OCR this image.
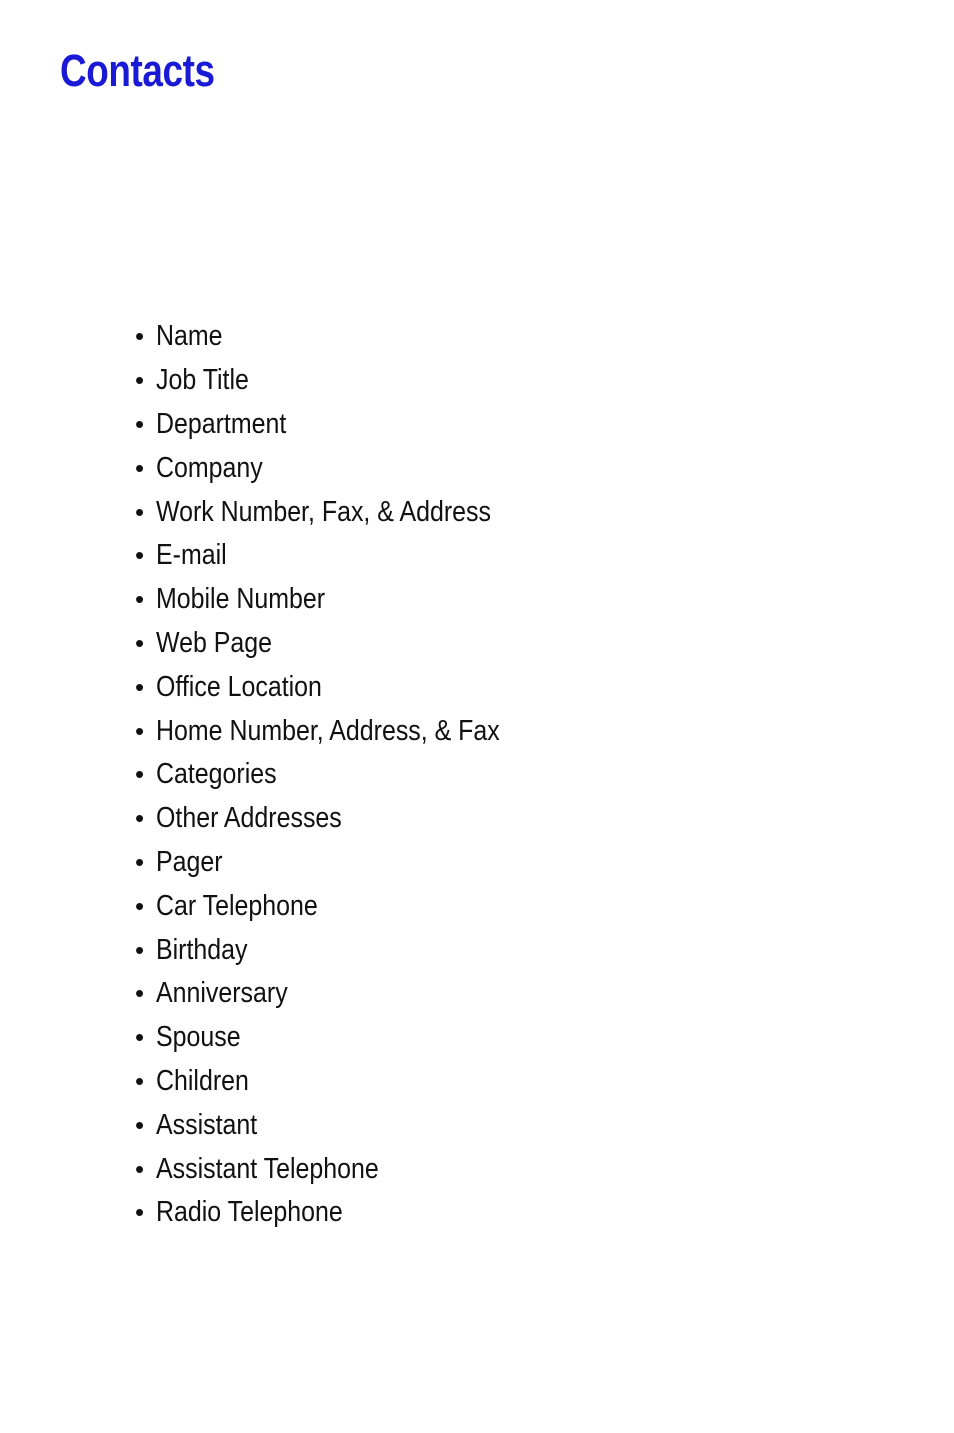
Contacts
• Name
• Job Title
• Department
• Company
• Work Number, Fax, & Address
• E-mail
• Mobile Number
• Web Page
• Office Location
• Home Number, Address, & Fax
• Categories
• Other Addresses
• Pager
• Car Telephone
• Birthday
• Anniversary
• Spouse
• Children
• Assistant
• Assistant Telephone
• Radio Telephone
